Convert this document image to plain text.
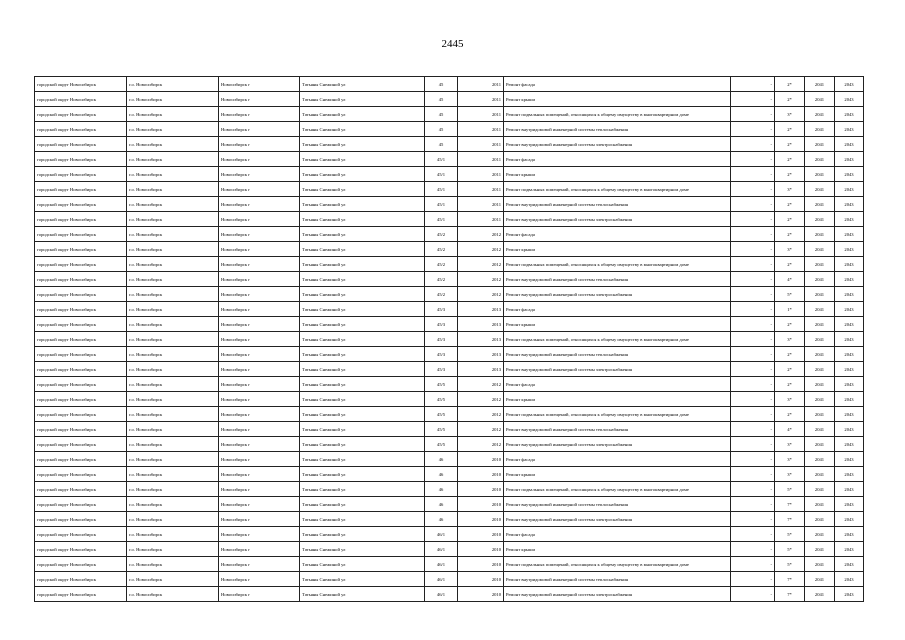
2445
городской округ Новосибирск	г.о. Новосибирск	Новосибирск г	Татьяны Снежиной ул	45	2011	Ремонт фасада	-	2*	2041	2043
городской округ Новосибирск	г.о. Новосибирск	Новосибирск г	Татьяны Снежиной ул	45	2011	Ремонт крыши	-	2*	2041	2043
городской округ Новосибирск	г.о. Новосибирск	Новосибирск г	Татьяны Снежиной ул	45	2011	Ремонт подвальных помещений, относящихся к общему имуществу в многоквартирном доме	-	3*	2041	2043
городской округ Новосибирск	г.о. Новосибирск	Новосибирск г	Татьяны Снежиной ул	45	2011	Ремонт внутридомовой инженерной системы теплоснабжения	-	2*	2041	2043
городской округ Новосибирск	г.о. Новосибирск	Новосибирск г	Татьяны Снежиной ул	45	2011	Ремонт внутридомовой инженерной системы электроснабжения	-	2*	2041	2043
городской округ Новосибирск	г.о. Новосибирск	Новосибирск г	Татьяны Снежиной ул	45/1	2011	Ремонт фасада	-	2*	2041	2043
городской округ Новосибирск	г.о. Новосибирск	Новосибирск г	Татьяны Снежиной ул	45/1	2011	Ремонт крыши	-	2*	2041	2043
городской округ Новосибирск	г.о. Новосибирск	Новосибирск г	Татьяны Снежиной ул	45/1	2011	Ремонт подвальных помещений, относящихся к общему имуществу в многоквартирном доме	-	3*	2041	2043
городской округ Новосибирск	г.о. Новосибирск	Новосибирск г	Татьяны Снежиной ул	45/1	2011	Ремонт внутридомовой инженерной системы теплоснабжения	-	2*	2041	2043
городской округ Новосибирск	г.о. Новосибирск	Новосибирск г	Татьяны Снежиной ул	45/1	2011	Ремонт внутридомовой инженерной системы электроснабжения	-	2*	2041	2043
городской округ Новосибирск	г.о. Новосибирск	Новосибирск г	Татьяны Снежиной ул	45/2	2012	Ремонт фасада	-	2*	2041	2043
городской округ Новосибирск	г.о. Новосибирск	Новосибирск г	Татьяны Снежиной ул	45/2	2012	Ремонт крыши	-	3*	2041	2043
городской округ Новосибирск	г.о. Новосибирск	Новосибирск г	Татьяны Снежиной ул	45/2	2012	Ремонт подвальных помещений, относящихся к общему имуществу в многоквартирном доме	-	2*	2041	2043
городской округ Новосибирск	г.о. Новосибирск	Новосибирск г	Татьяны Снежиной ул	45/2	2012	Ремонт внутридомовой инженерной системы теплоснабжения	-	4*	2041	2043
городской округ Новосибирск	г.о. Новосибирск	Новосибирск г	Татьяны Снежиной ул	45/2	2012	Ремонт внутридомовой инженерной системы электроснабжения	-	5*	2041	2043
городской округ Новосибирск	г.о. Новосибирск	Новосибирск г	Татьяны Снежиной ул	45/3	2013	Ремонт фасада	-	1*	2041	2043
городской округ Новосибирск	г.о. Новосибирск	Новосибирск г	Татьяны Снежиной ул	45/3	2013	Ремонт крыши	-	2*	2041	2043
городской округ Новосибирск	г.о. Новосибирск	Новосибирск г	Татьяны Снежиной ул	45/3	2013	Ремонт подвальных помещений, относящихся к общему имуществу в многоквартирном доме	-	3*	2041	2043
городской округ Новосибирск	г.о. Новосибирск	Новосибирск г	Татьяны Снежиной ул	45/3	2013	Ремонт внутридомовой инженерной системы теплоснабжения	-	2*	2041	2043
городской округ Новосибирск	г.о. Новосибирск	Новосибирск г	Татьяны Снежиной ул	45/3	2013	Ремонт внутридомовой инженерной системы электроснабжения	-	2*	2041	2043
городской округ Новосибирск	г.о. Новосибирск	Новосибирск г	Татьяны Снежиной ул	45/5	2012	Ремонт фасада	-	2*	2041	2043
городской округ Новосибирск	г.о. Новосибирск	Новосибирск г	Татьяны Снежиной ул	45/5	2012	Ремонт крыши	-	3*	2041	2043
городской округ Новосибирск	г.о. Новосибирск	Новосибирск г	Татьяны Снежиной ул	45/5	2012	Ремонт подвальных помещений, относящихся к общему имуществу в многоквартирном доме	-	2*	2041	2043
городской округ Новосибирск	г.о. Новосибирск	Новосибирск г	Татьяны Снежиной ул	45/5	2012	Ремонт внутридомовой инженерной системы теплоснабжения	-	4*	2041	2043
городской округ Новосибирск	г.о. Новосибирск	Новосибирск г	Татьяны Снежиной ул	45/5	2012	Ремонт внутридомовой инженерной системы электроснабжения	-	3*	2041	2043
городской округ Новосибирск	г.о. Новосибирск	Новосибирск г	Татьяны Снежиной ул	46	2010	Ремонт фасада	-	3*	2041	2043
городской округ Новосибирск	г.о. Новосибирск	Новосибирск г	Татьяны Снежиной ул	46	2010	Ремонт крыши	-	3*	2041	2043
городской округ Новосибирск	г.о. Новосибирск	Новосибирск г	Татьяны Снежиной ул	46	2010	Ремонт подвальных помещений, относящихся к общему имуществу в многоквартирном доме	-	5*	2041	2043
городской округ Новосибирск	г.о. Новосибирск	Новосибирск г	Татьяны Снежиной ул	46	2010	Ремонт внутридомовой инженерной системы теплоснабжения	-	7*	2041	2043
городской округ Новосибирск	г.о. Новосибирск	Новосибирск г	Татьяны Снежиной ул	46	2010	Ремонт внутридомовой инженерной системы электроснабжения	-	7*	2041	2043
городской округ Новосибирск	г.о. Новосибирск	Новосибирск г	Татьяны Снежиной ул	46/1	2010	Ремонт фасада	-	5*	2041	2043
городской округ Новосибирск	г.о. Новосибирск	Новосибирск г	Татьяны Снежиной ул	46/1	2010	Ремонт крыши	-	5*	2041	2043
городской округ Новосибирск	г.о. Новосибирск	Новосибирск г	Татьяны Снежиной ул	46/1	2010	Ремонт подвальных помещений, относящихся к общему имуществу в многоквартирном доме	-	5*	2041	2043
городской округ Новосибирск	г.о. Новосибирск	Новосибирск г	Татьяны Снежиной ул	46/1	2010	Ремонт внутридомовой инженерной системы теплоснабжения	-	7*	2041	2043
городской округ Новосибирск	г.о. Новосибирск	Новосибирск г	Татьяны Снежиной ул	46/1	2010	Ремонт внутридомовой инженерной системы электроснабжения	-	7*	2041	2043
